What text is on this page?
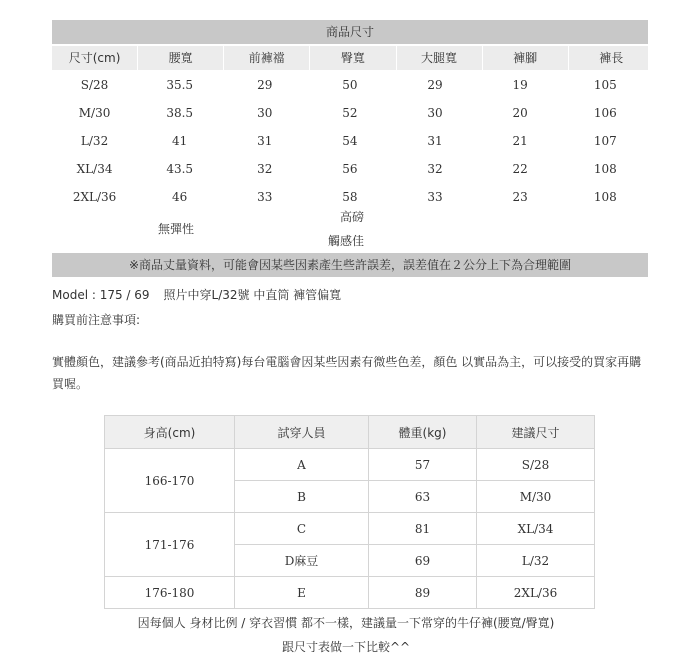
商品尺寸
尺寸(cm)	腰寬	前褲襠	臀寬	大腿寬	褲腳	褲長
S/28	35.5	29	50	29	19	105
M/30	38.5	30	52	30	20	106
L/32	41	31	54	31	21	107
XL/34	43.5	32	56	32	22	108
2XL/36	46	33	58	33	23	108
無彈性
高磅
觸感佳
※商品丈量資料，可能會因某些因素產生些許誤差，誤差值在２公分上下為合理範圍
Model : 175 / 69 照片中穿L/32號 中直筒 褲管偏寬
購買前注意事項:
實體顏色，建議參考(商品近拍特寫)每台電腦會因某些因素有微些色差，顏色 以實品為主，可以接受的買家再購買喔。
身高(cm)	試穿人員	體重(kg)	建議尺寸
166-170	A	57	S/28
	B	63	M/30
171-176	C	81	XL/34
	D麻豆	69	L/32
176-180	E	89	2XL/36
因每個人 身材比例 / 穿衣習慣 都不一樣，建議量一下常穿的牛仔褲(腰寬/臀寬)
跟尺寸表做一下比較^^
